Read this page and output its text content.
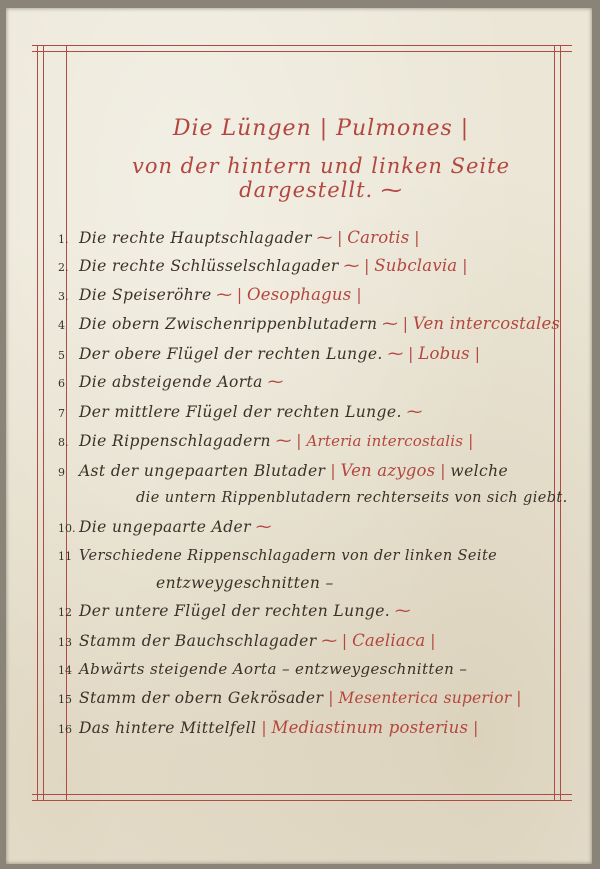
Die Lüngen | Pulmones |
von der hintern und linken Seite dargestellt. ⁓
1. Die rechte Hauptschlagader ⁓ | Carotis |
2. Die rechte Schlüsselschlagader ⁓ | Subclavia |
3. Die Speiseröhre ⁓ | Oesophagus |
4 Die obern Zwischenrippenblutadern ⁓ | Ven intercostales
5 Der obere Flügel der rechten Lunge. ⁓ | Lobus |
6 Die absteigende Aorta ⁓
7 Der mittlere Flügel der rechten Lunge. ⁓
8. Die Rippenschlagadern ⁓ | Arteria intercostalis |
9 Ast der ungepaarten Blutader | Ven azygos | welche
die untern Rippenblutadern rechterseits von sich giebt.
10. Die ungepaarte Ader ⁓
11 Verschiedene Rippenschlagadern von der linken Seite
entzweygeschnitten –
12 Der untere Flügel der rechten Lunge. ⁓
13 Stamm der Bauchschlagader ⁓ | Caeliaca |
14 Abwärts steigende Aorta – entzweygeschnitten –
15 Stamm der obern Gekrösader | Mesenterica superior |
16 Das hintere Mittelfell | Mediastinum posterius |
